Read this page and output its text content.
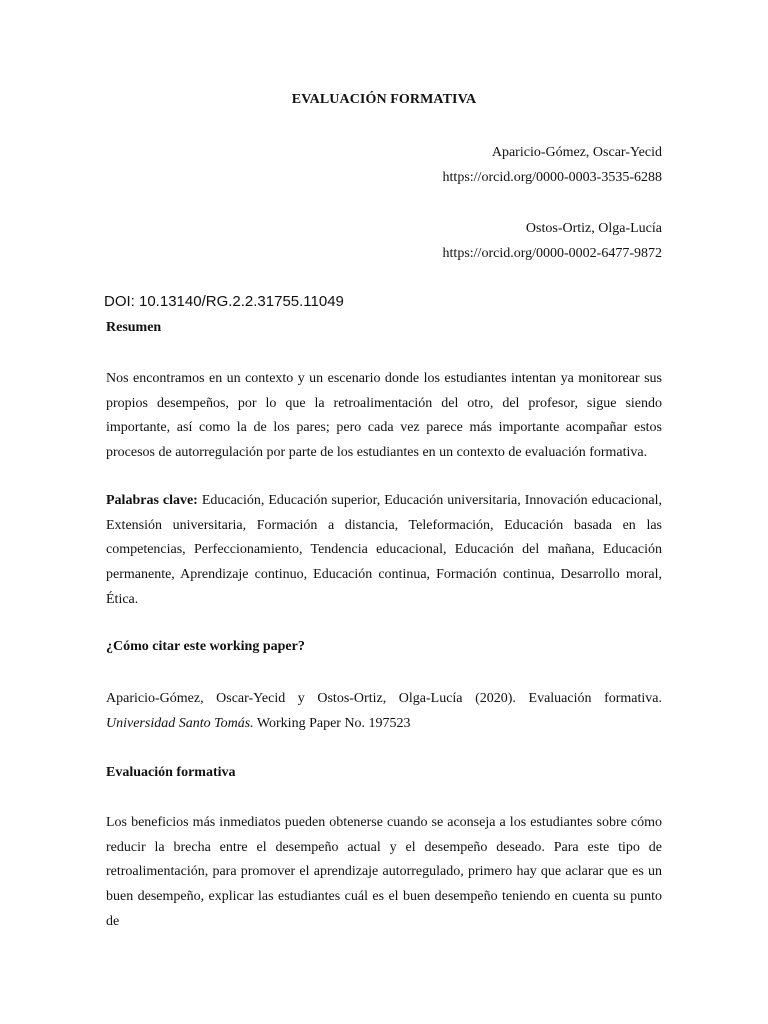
EVALUACIÓN FORMATIVA
Aparicio-Gómez, Oscar-Yecid
https://orcid.org/0000-0003-3535-6288
Ostos-Ortiz, Olga-Lucía
https://orcid.org/0000-0002-6477-9872
DOI: 10.13140/RG.2.2.31755.11049
Resumen
Nos encontramos en un contexto y un escenario donde los estudiantes intentan ya monitorear sus propios desempeños, por lo que la retroalimentación del otro, del profesor, sigue siendo importante, así como la de los pares; pero cada vez parece más importante acompañar estos procesos de autorregulación por parte de los estudiantes en un contexto de evaluación formativa.
Palabras clave: Educación, Educación superior, Educación universitaria, Innovación educacional, Extensión universitaria, Formación a distancia, Teleformación, Educación basada en las competencias, Perfeccionamiento, Tendencia educacional, Educación del mañana, Educación permanente, Aprendizaje continuo, Educación continua, Formación continua, Desarrollo moral, Ética.
¿Cómo citar este working paper?
Aparicio-Gómez, Oscar-Yecid y Ostos-Ortiz, Olga-Lucía (2020). Evaluación formativa. Universidad Santo Tomás. Working Paper No. 197523
Evaluación formativa
Los beneficios más inmediatos pueden obtenerse cuando se aconseja a los estudiantes sobre cómo reducir la brecha entre el desempeño actual y el desempeño deseado. Para este tipo de retroalimentación, para promover el aprendizaje autorregulado, primero hay que aclarar que es un buen desempeño, explicar las estudiantes cuál es el buen desempeño teniendo en cuenta su punto de
